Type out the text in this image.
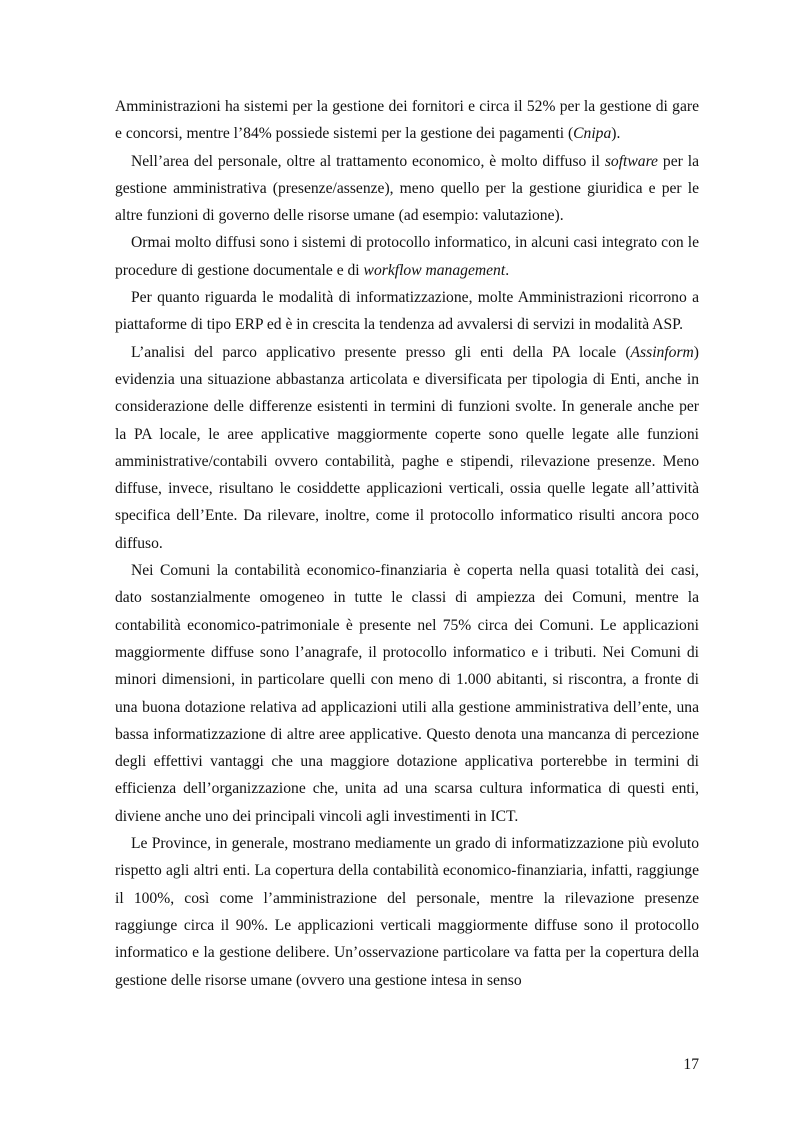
Amministrazioni ha sistemi per la gestione dei fornitori e circa il 52% per la gestione di gare e concorsi, mentre l’84% possiede sistemi per la gestione dei pagamenti (Cnipa).

Nell’area del personale, oltre al trattamento economico, è molto diffuso il software per la gestione amministrativa (presenze/assenze), meno quello per la gestione giuridica e per le altre funzioni di governo delle risorse umane (ad esempio: valutazione).

Ormai molto diffusi sono i sistemi di protocollo informatico, in alcuni casi integrato con le procedure di gestione documentale e di workflow management.

Per quanto riguarda le modalità di informatizzazione, molte Amministrazioni ricorrono a piattaforme di tipo ERP ed è in crescita la tendenza ad avvalersi di servizi in modalità ASP.

L’analisi del parco applicativo presente presso gli enti della PA locale (Assinform) evidenzia una situazione abbastanza articolata e diversificata per tipologia di Enti, anche in considerazione delle differenze esistenti in termini di funzioni svolte. In generale anche per la PA locale, le aree applicative maggiormente coperte sono quelle legate alle funzioni amministrative/contabili ovvero contabilità, paghe e stipendi, rilevazione presenze. Meno diffuse, invece, risultano le cosiddette applicazioni verticali, ossia quelle legate all’attività specifica dell’Ente. Da rilevare, inoltre, come il protocollo informatico risulti ancora poco diffuso.

Nei Comuni la contabilità economico-finanziaria è coperta nella quasi totalità dei casi, dato sostanzialmente omogeneo in tutte le classi di ampiezza dei Comuni, mentre la contabilità economico-patrimoniale è presente nel 75% circa dei Comuni. Le applicazioni maggiormente diffuse sono l’anagrafe, il protocollo informatico e i tributi. Nei Comuni di minori dimensioni, in particolare quelli con meno di 1.000 abitanti, si riscontra, a fronte di una buona dotazione relativa ad applicazioni utili alla gestione amministrativa dell’ente, una bassa informatizzazione di altre aree applicative. Questo denota una mancanza di percezione degli effettivi vantaggi che una maggiore dotazione applicativa porterebbe in termini di efficienza dell’organizzazione che, unita ad una scarsa cultura informatica di questi enti, diviene anche uno dei principali vincoli agli investimenti in ICT.

Le Province, in generale, mostrano mediamente un grado di informatizzazione più evoluto rispetto agli altri enti. La copertura della contabilità economico-finanziaria, infatti, raggiunge il 100%, così come l’amministrazione del personale, mentre la rilevazione presenze raggiunge circa il 90%. Le applicazioni verticali maggiormente diffuse sono il protocollo informatico e la gestione delibere. Un’osservazione particolare va fatta per la copertura della gestione delle risorse umane (ovvero una gestione intesa in senso

17
